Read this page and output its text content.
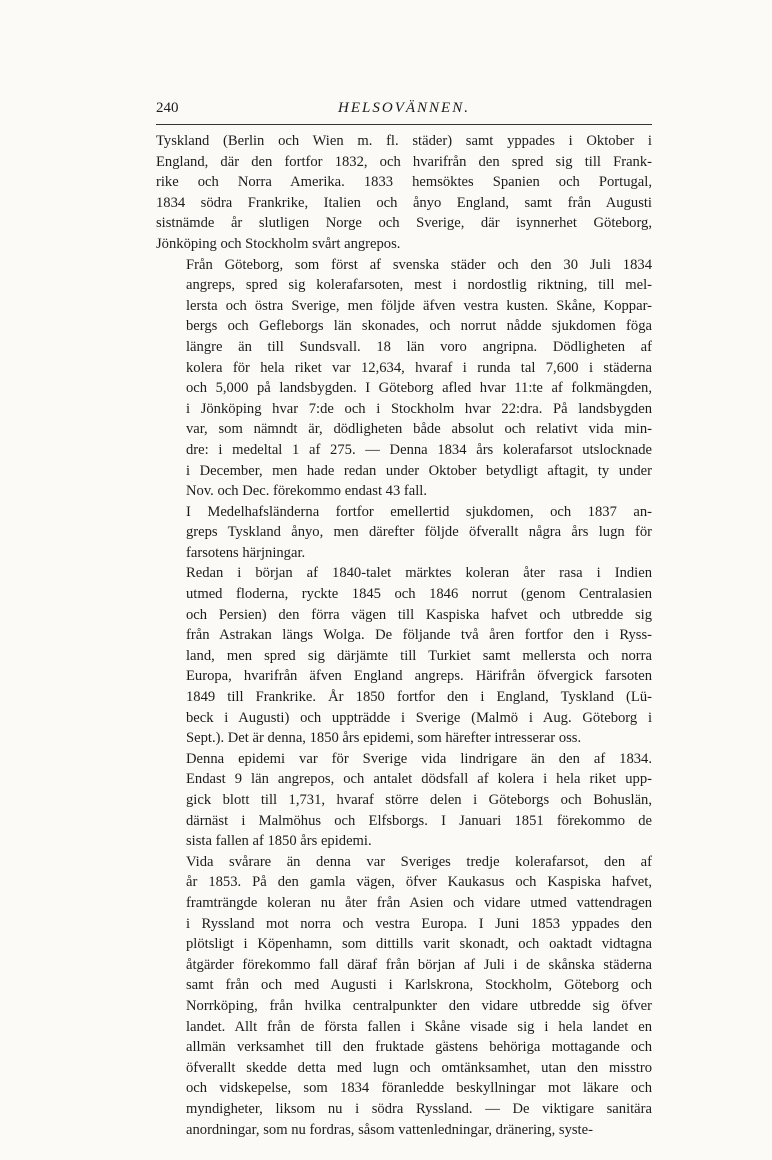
240	HELSOVÄNNEN.

Tyskland (Berlin och Wien m. fl. städer) samt yppades i Oktober i
England, där den fortfor 1832, och hvarifrån den spred sig till Frank-
rike och Norra Amerika. 1833 hemsöktes Spanien och Portugal,
1834 södra Frankrike, Italien och ånyo England, samt från Augusti
sistnämde år slutligen Norge och Sverige, där isynnerhet Göteborg,
Jönköping och Stockholm svårt angrepos.

Från Göteborg, som först af svenska städer och den 30 Juli 1834
angreps, spred sig kolerafarsoten, mest i nordostlig riktning, till mel-
lersta och östra Sverige, men följde äfven vestra kusten. Skåne, Koppar-
bergs och Gefleborgs län skonades, och norrut nådde sjukdomen föga
längre än till Sundsvall. 18 län voro angripna. Dödligheten af
kolera för hela riket var 12,634, hvaraf i runda tal 7,600 i städerna
och 5,000 på landsbygden. I Göteborg afled hvar 11:te af folkmängden,
i Jönköping hvar 7:de och i Stockholm hvar 22:dra. På landsbygden
var, som nämndt är, dödligheten både absolut och relativt vida min-
dre: i medeltal 1 af 275. — Denna 1834 års kolerafarsot utslocknade
i December, men hade redan under Oktober betydligt aftagit, ty under
Nov. och Dec. förekommo endast 43 fall.

I Medelhafsländerna fortfor emellertid sjukdomen, och 1837 an-
greps Tyskland ånyo, men därefter följde öfverallt några års lugn för
farsotens härjningar.

Redan i början af 1840-talet märktes koleran åter rasa i Indien
utmed floderna, ryckte 1845 och 1846 norrut (genom Centralasien
och Persien) den förra vägen till Kaspiska hafvet och utbredde sig
från Astrakan längs Wolga. De följande två åren fortfor den i Ryss-
land, men spred sig därjämte till Turkiet samt mellersta och norra
Europa, hvarifrån äfven England angreps. Härifrån öfvergick farsoten
1849 till Frankrike. År 1850 fortfor den i England, Tyskland (Lü-
beck i Augusti) och uppträdde i Sverige (Malmö i Aug. Göteborg i
Sept.). Det är denna, 1850 års epidemi, som härefter intresserar oss.

Denna epidemi var för Sverige vida lindrigare än den af 1834.
Endast 9 län angrepos, och antalet dödsfall af kolera i hela riket upp-
gick blott till 1,731, hvaraf större delen i Göteborgs och Bohuslän,
därnäst i Malmöhus och Elfsborgs. I Januari 1851 förekommo de
sista fallen af 1850 års epidemi.

Vida svårare än denna var Sveriges tredje kolerafarsot, den af
år 1853. På den gamla vägen, öfver Kaukasus och Kaspiska hafvet,
framträngde koleran nu åter från Asien och vidare utmed vattendragen
i Ryssland mot norra och vestra Europa. I Juni 1853 yppades den
plötsligt i Köpenhamn, som dittills varit skonadt, och oaktadt vidtagna
åtgärder förekommo fall däraf från början af Juli i de skånska städerna
samt från och med Augusti i Karlskrona, Stockholm, Göteborg och
Norrköping, från hvilka centralpunkter den vidare utbredde sig öfver
landet. Allt från de första fallen i Skåne visade sig i hela landet en
allmän verksamhet till den fruktade gästens behöriga mottagande och
öfverallt skedde detta med lugn och omtänksamhet, utan den misstro
och vidskepelse, som 1834 föranledde beskyllningar mot läkare och
myndigheter, liksom nu i södra Ryssland. — De viktigare sanitära
anordningar, som nu fordras, såsom vattenledningar, dränering, syste-
